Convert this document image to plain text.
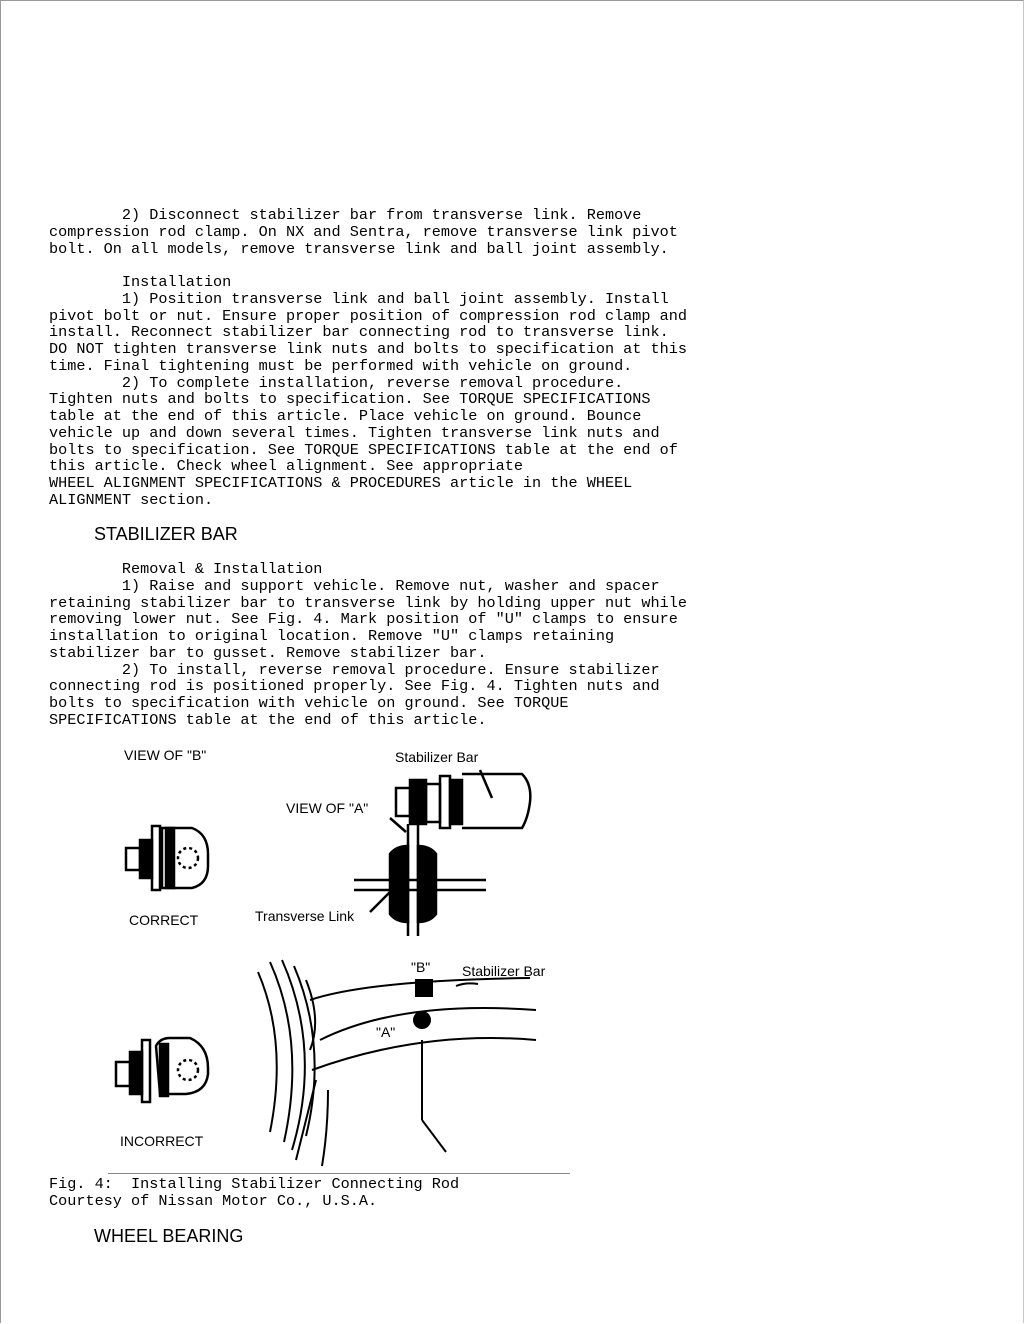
2) Disconnect stabilizer bar from transverse link. Remove
compression rod clamp. On NX and Sentra, remove transverse link pivot
bolt. On all models, remove transverse link and ball joint assembly.
Installation
1) Position transverse link and ball joint assembly. Install
pivot bolt or nut. Ensure proper position of compression rod clamp and
install. Reconnect stabilizer bar connecting rod to transverse link.
DO NOT tighten transverse link nuts and bolts to specification at this
time. Final tightening must be performed with vehicle on ground.
2) To complete installation, reverse removal procedure.
Tighten nuts and bolts to specification. See TORQUE SPECIFICATIONS
table at the end of this article. Place vehicle on ground. Bounce
vehicle up and down several times. Tighten transverse link nuts and
bolts to specification. See TORQUE SPECIFICATIONS table at the end of
this article. Check wheel alignment. See appropriate
WHEEL ALIGNMENT SPECIFICATIONS & PROCEDURES article in the WHEEL
ALIGNMENT section.
STABILIZER BAR
Removal & Installation
1) Raise and support vehicle. Remove nut, washer and spacer
retaining stabilizer bar to transverse link by holding upper nut while
removing lower nut. See Fig. 4. Mark position of "U" clamps to ensure
installation to original location. Remove "U" clamps retaining
stabilizer bar to gusset. Remove stabilizer bar.
2) To install, reverse removal procedure. Ensure stabilizer
connecting rod is positioned properly. See Fig. 4. Tighten nuts and
bolts to specification with vehicle on ground. See TORQUE
SPECIFICATIONS table at the end of this article.
VIEW OF "B"	Stabilizer Bar
VIEW OF "A"
CORRECT	Transverse Link
Stabilizer Bar
INCORRECT
"B"
"A"
Fig. 4:  Installing Stabilizer Connecting Rod
Courtesy of Nissan Motor Co., U.S.A.
WHEEL BEARING
